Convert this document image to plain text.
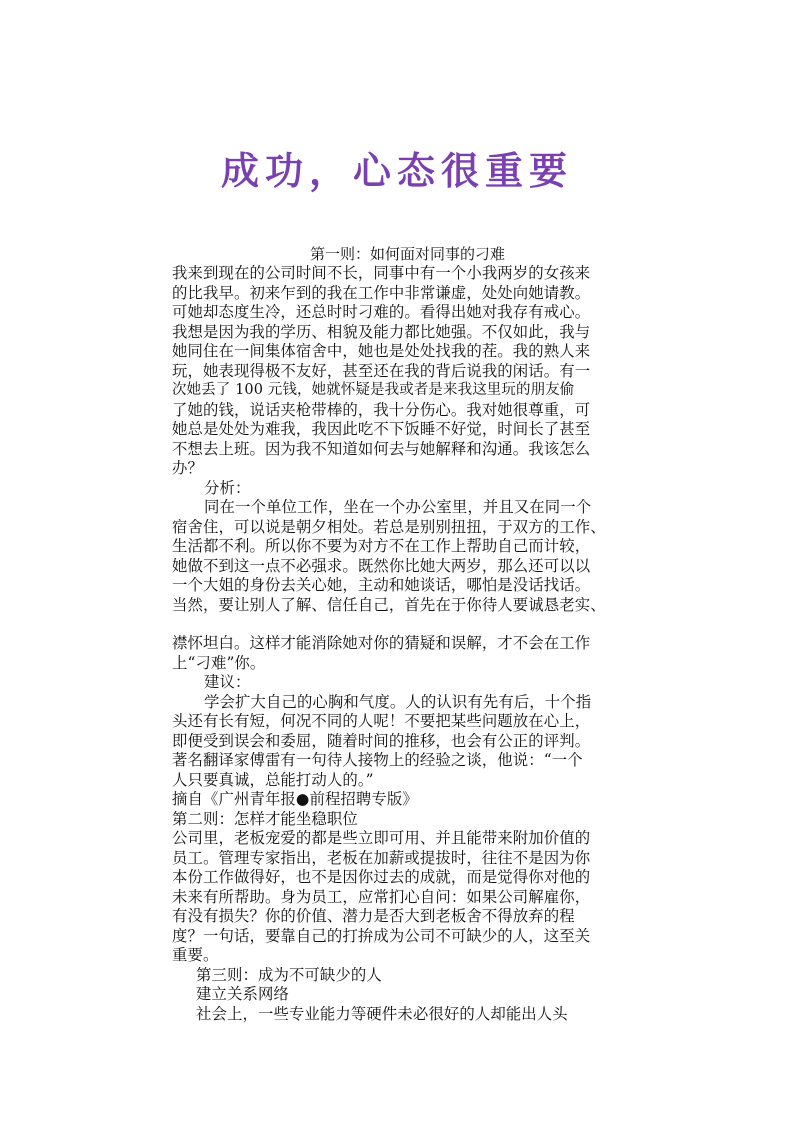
成功，心态很重要

第一则：如何面对同事的刁难

我来到现在的公司时间不长，同事中有一个小我两岁的女孩来
的比我早。初来乍到的我在工作中非常谦虚，处处向她请教。
可她却态度生冷，还总时时刁难的。看得出她对我存有戒心。
我想是因为我的学历、相貌及能力都比她强。不仅如此，我与
她同住在一间集体宿舍中，她也是处处找我的茬。我的熟人来
玩，她表现得极不友好，甚至还在我的背后说我的闲话。有一
次她丢了 100 元钱，她就怀疑是我或者是来我这里玩的朋友偷
了她的钱，说话夹枪带棒的，我十分伤心。我对她很尊重，可
她总是处处为难我，我因此吃不下饭睡不好觉，时间长了甚至
不想去上班。因为我不知道如何去与她解释和沟通。我该怎么
办？
分析：
同在一个单位工作，坐在一个办公室里，并且又在同一个
宿舍住，可以说是朝夕相处。若总是别别扭扭，于双方的工作、
生活都不利。所以你不要为对方不在工作上帮助自己而计较，
她做不到这一点不必强求。既然你比她大两岁，那么还可以以
一个大姐的身份去关心她，主动和她谈话，哪怕是没话找话。
当然，要让别人了解、信任自己，首先在于你待人要诚恳老实、
襟怀坦白。这样才能消除她对你的猜疑和误解，才不会在工作
上“刁难”你。
建议：
学会扩大自己的心胸和气度。人的认识有先有后，十个指
头还有长有短，何况不同的人呢！不要把某些问题放在心上，
即便受到误会和委屈，随着时间的推移，也会有公正的评判。
著名翻译家傅雷有一句待人接物上的经验之谈，他说：“一个
人只要真诚，总能打动人的。”
摘自《广州青年报●前程招聘专版》
第二则：怎样才能坐稳职位
公司里，老板宠爱的都是些立即可用、并且能带来附加价值的
员工。管理专家指出，老板在加薪或提拔时，往往不是因为你
本份工作做得好，也不是因你过去的成就，而是觉得你对他的
未来有所帮助。身为员工，应常扪心自问：如果公司解雇你，
有没有损失？你的价值、潜力是否大到老板舍不得放弃的程
度？一句话，要靠自己的打拚成为公司不可缺少的人，这至关
重要。
第三则：成为不可缺少的人
建立关系网络
社会上，一些专业能力等硬件未必很好的人却能出人头
